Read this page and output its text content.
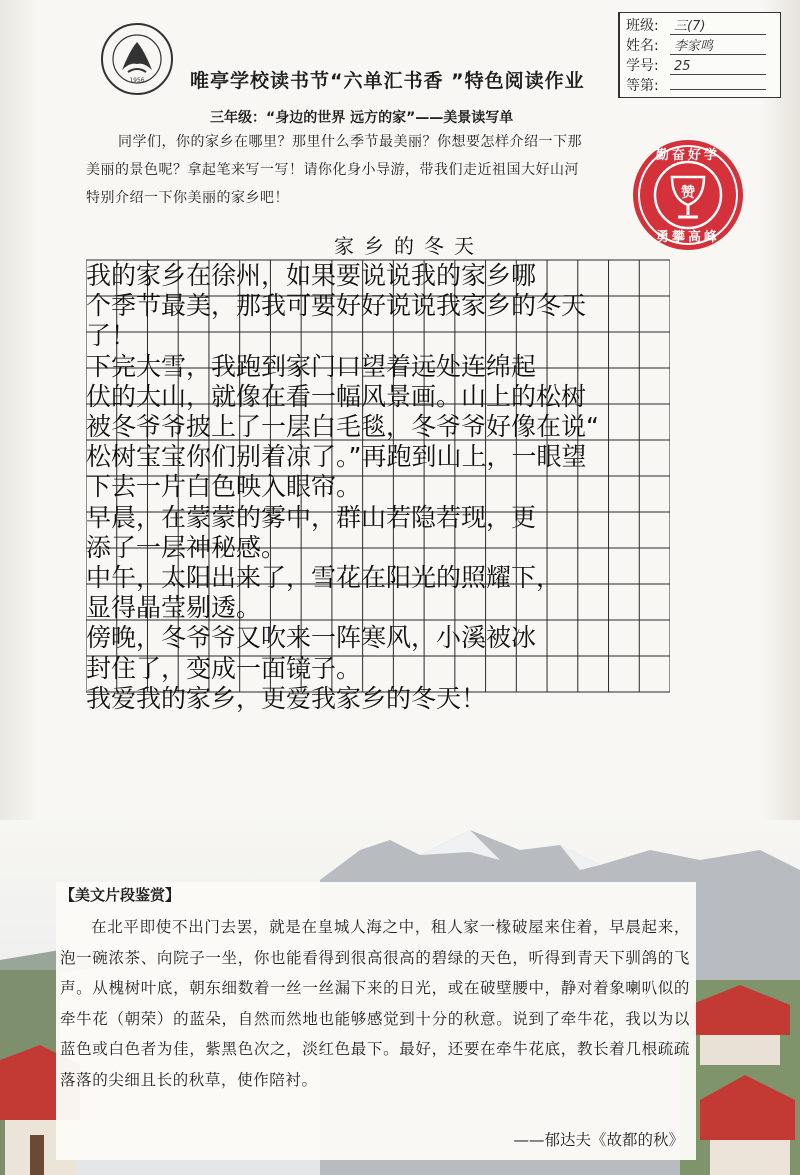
1956 唯亭学校读书节“六单汇书香 ”特色阅读作业
班级: 三(7)
姓名: 李家鸣
学号: 25
等第:
三年级：“身边的世界 远方的家”——美景读写单
同学们，你的家乡在哪里？那里什么季节最美丽？你想要怎样介绍一下那
美丽的景色呢？拿起笔来写一写！请你化身小导游，带我们走近祖国大好山河
特别介绍一下你美丽的家乡吧！	赞
勤奋好学
勇攀高峰
家乡的冬天
我的家乡在徐州，如果要说说我的家乡哪
个季节最美，那我可要好好说说我家乡的冬天
了！
下完大雪，我跑到家门口望着远处连绵起
伏的大山，就像在看一幅风景画。山上的松树
被冬爷爷披上了一层白毛毯，冬爷爷好像在说“
松树宝宝你们别着凉了。”再跑到山上，一眼望
下去一片白色映入眼帘。
早晨，在蒙蒙的雾中，群山若隐若现，更
添了一层神秘感。
中午，太阳出来了，雪花在阳光的照耀下，
显得晶莹剔透。
傍晚，冬爷爷又吹来一阵寒风，小溪被冰
封住了，变成一面镜子。
我爱我的家乡，更爱我家乡的冬天！
【美文片段鉴赏】
在北平即使不出门去罢，就是在皇城人海之中，租人家一椽破屋来住着，早晨起来，泡一碗浓茶、向院子一坐，你也能看得到很高很高的碧绿的天色，听得到青天下驯鸽的飞声。从槐树叶底，朝东细数着一丝一丝漏下来的日光，或在破壁腰中，静对着象喇叭似的牵牛花（朝荣）的蓝朵，自然而然地也能够感觉到十分的秋意。说到了牵牛花，我以为以蓝色或白色者为佳，紫黑色次之，淡红色最下。最好，还要在牵牛花底，教长着几根疏疏落落的尖细且长的秋草，使作陪衬。
——郁达夫《故都的秋》
